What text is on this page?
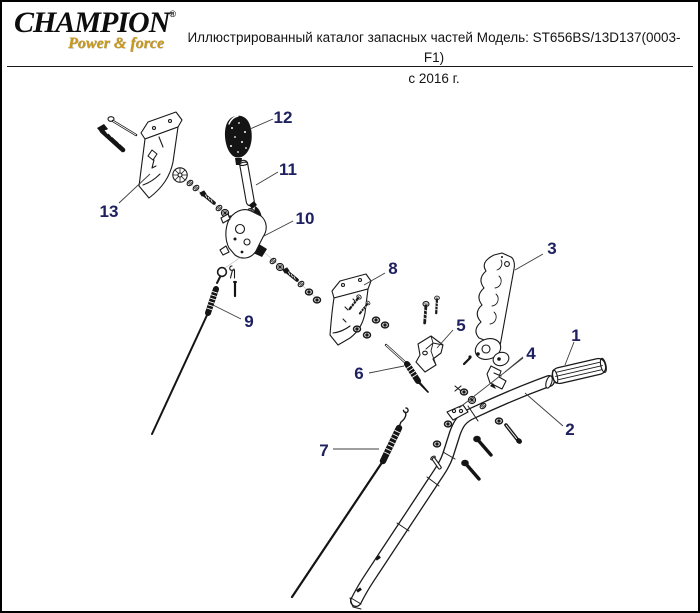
CHAMPION®
Power & force	Иллюстрированный каталог запасных частей Модель: ST656BS/13D137(0003-F1)
с 2016 г.
1
2
3
4
5
6
7
8
9
10
11
12
13
